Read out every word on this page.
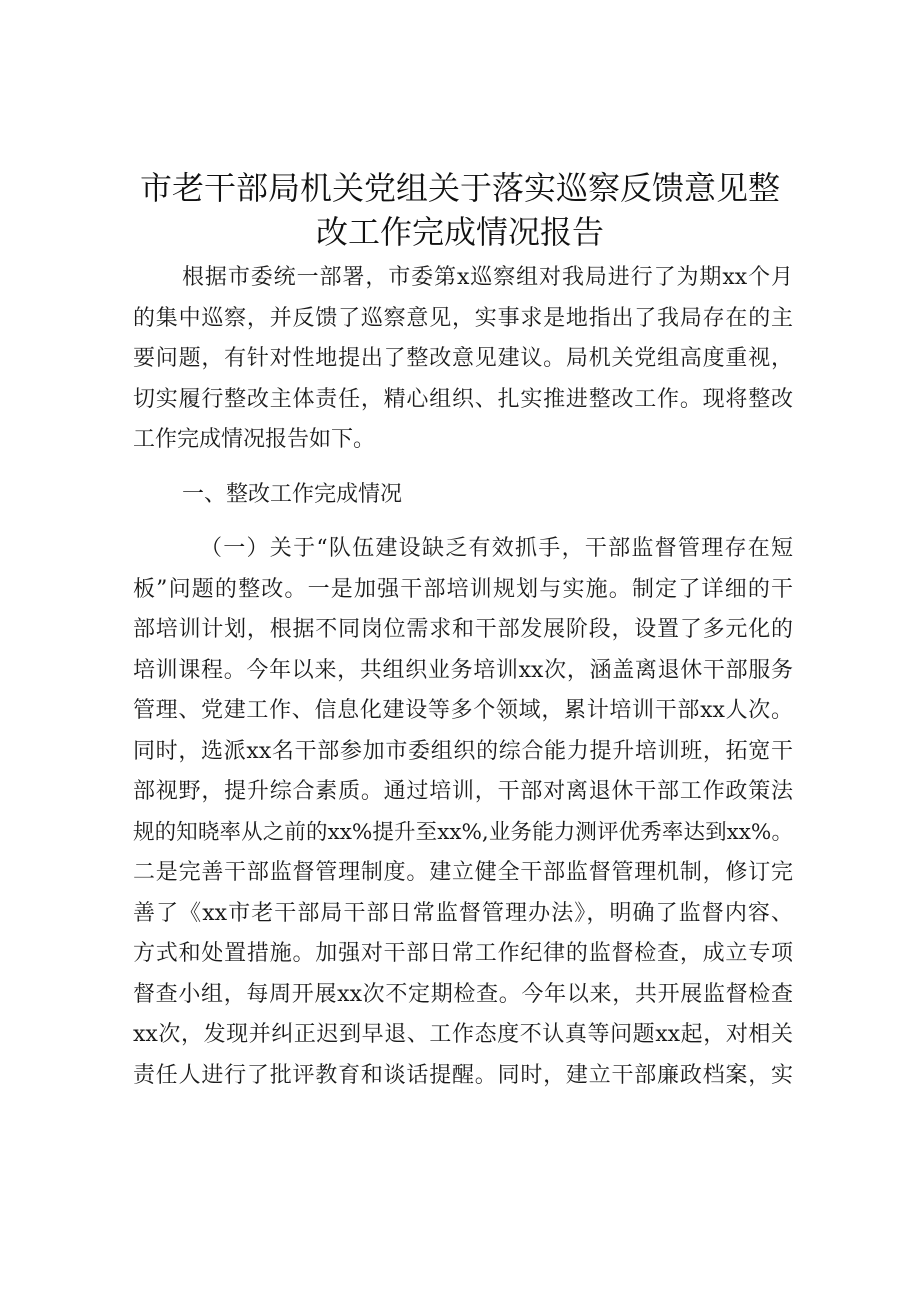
市老干部局机关党组关于落实巡察反馈意见整
改工作完成情况报告
根据市委统一部署，市委第x巡察组对我局进行了为期xx个月
的集中巡察，并反馈了巡察意见，实事求是地指出了我局存在的主
要问题，有针对性地提出了整改意见建议。局机关党组高度重视，
切实履行整改主体责任，精心组织、扎实推进整改工作。现将整改
工作完成情况报告如下。
一、整改工作完成情况
（一）关于“队伍建设缺乏有效抓手，干部监督管理存在短
板”问题的整改。一是加强干部培训规划与实施。制定了详细的干
部培训计划，根据不同岗位需求和干部发展阶段，设置了多元化的
培训课程。今年以来，共组织业务培训xx次，涵盖离退休干部服务
管理、党建工作、信息化建设等多个领域，累计培训干部xx人次。
同时，选派xx名干部参加市委组织的综合能力提升培训班，拓宽干
部视野，提升综合素质。通过培训，干部对离退休干部工作政策法
规的知晓率从之前的xx%提升至xx%,业务能力测评优秀率达到xx%。
二是完善干部监督管理制度。建立健全干部监督管理机制，修订完
善了《xx市老干部局干部日常监督管理办法》，明确了监督内容、
方式和处置措施。加强对干部日常工作纪律的监督检查，成立专项
督查小组，每周开展xx次不定期检查。今年以来，共开展监督检查
xx次，发现并纠正迟到早退、工作态度不认真等问题xx起，对相关
责任人进行了批评教育和谈话提醒。同时，建立干部廉政档案，实
